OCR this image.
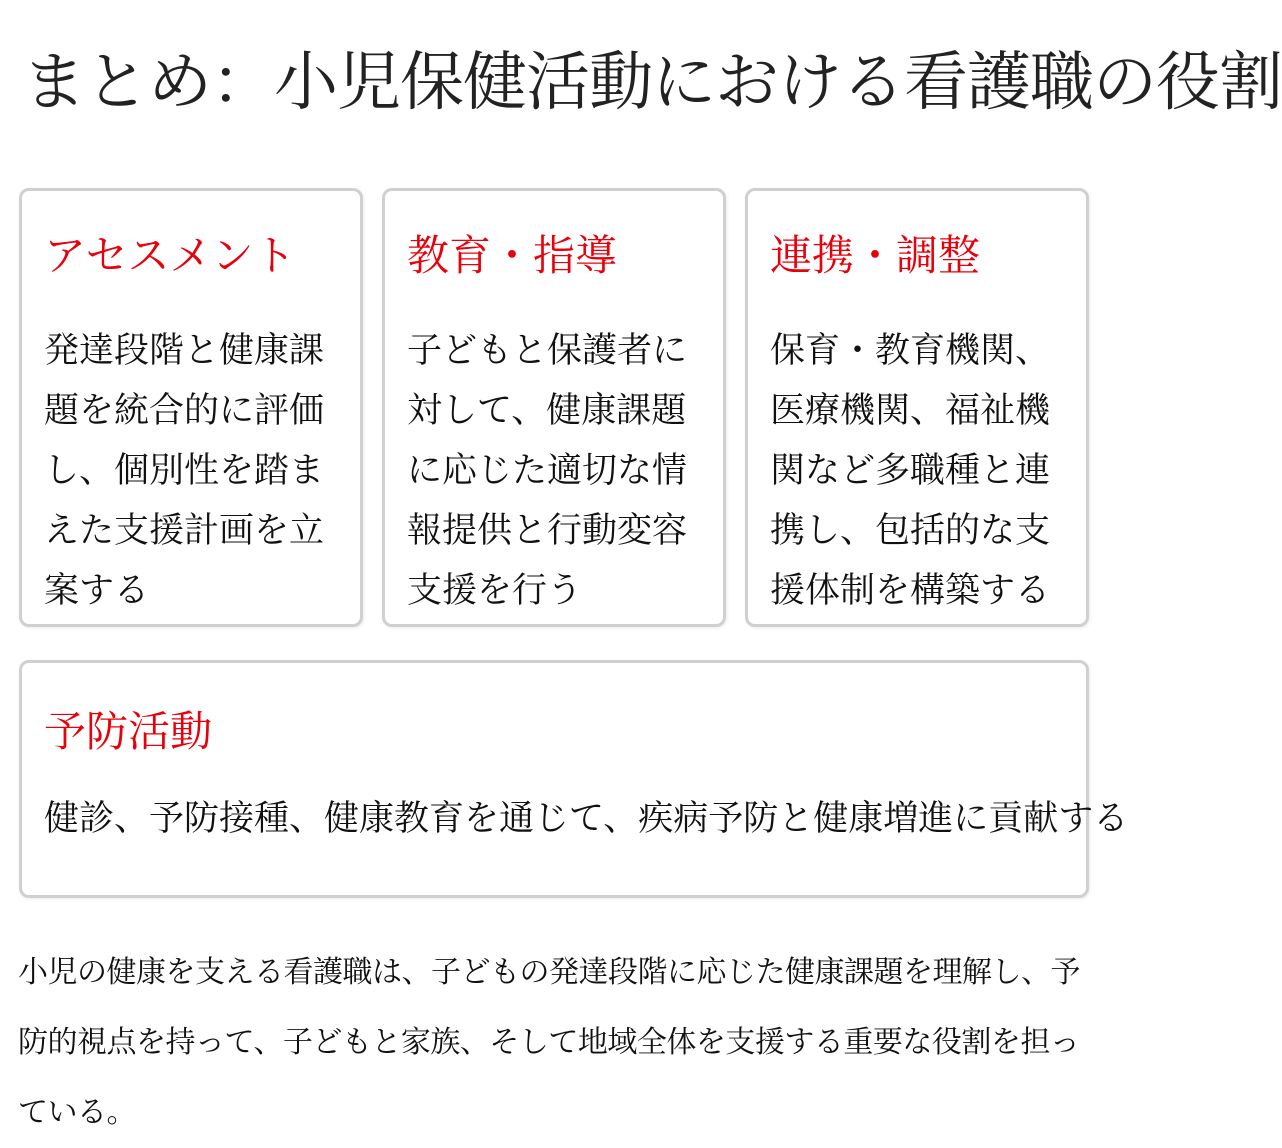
まとめ：小児保健活動における看護職の役割
アセスメント

発達段階と健康課題を統合的に評価し、個別性を踏まえた支援計画を立案する

教育・指導

子どもと保護者に対して、健康課題に応じた適切な情報提供と行動変容支援を行う

連携・調整

保育・教育機関、医療機関、福祉機関など多職種と連携し、包括的な支援体制を構築する

予防活動

健診、予防接種、健康教育を通じて、疾病予防と健康増進に貢献する

小児の健康を支える看護職は、子どもの発達段階に応じた健康課題を理解し、予防的視点を持って、子どもと家族、そして地域全体を支援する重要な役割を担っている。
